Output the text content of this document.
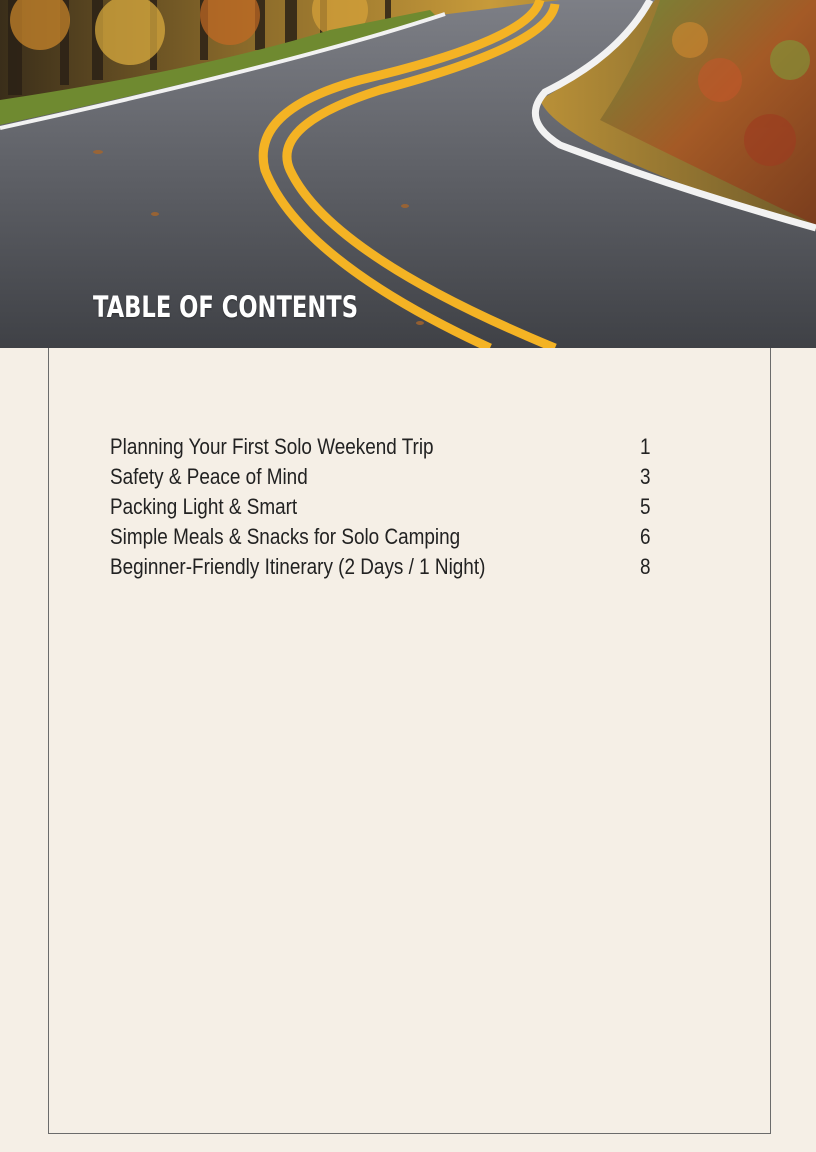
TABLE OF CONTENTS
Planning Your First Solo Weekend Trip	1
Safety & Peace of Mind	3
Packing Light & Smart	5
Simple Meals & Snacks for Solo Camping	6
Beginner-Friendly Itinerary (2 Days / 1 Night)	8
